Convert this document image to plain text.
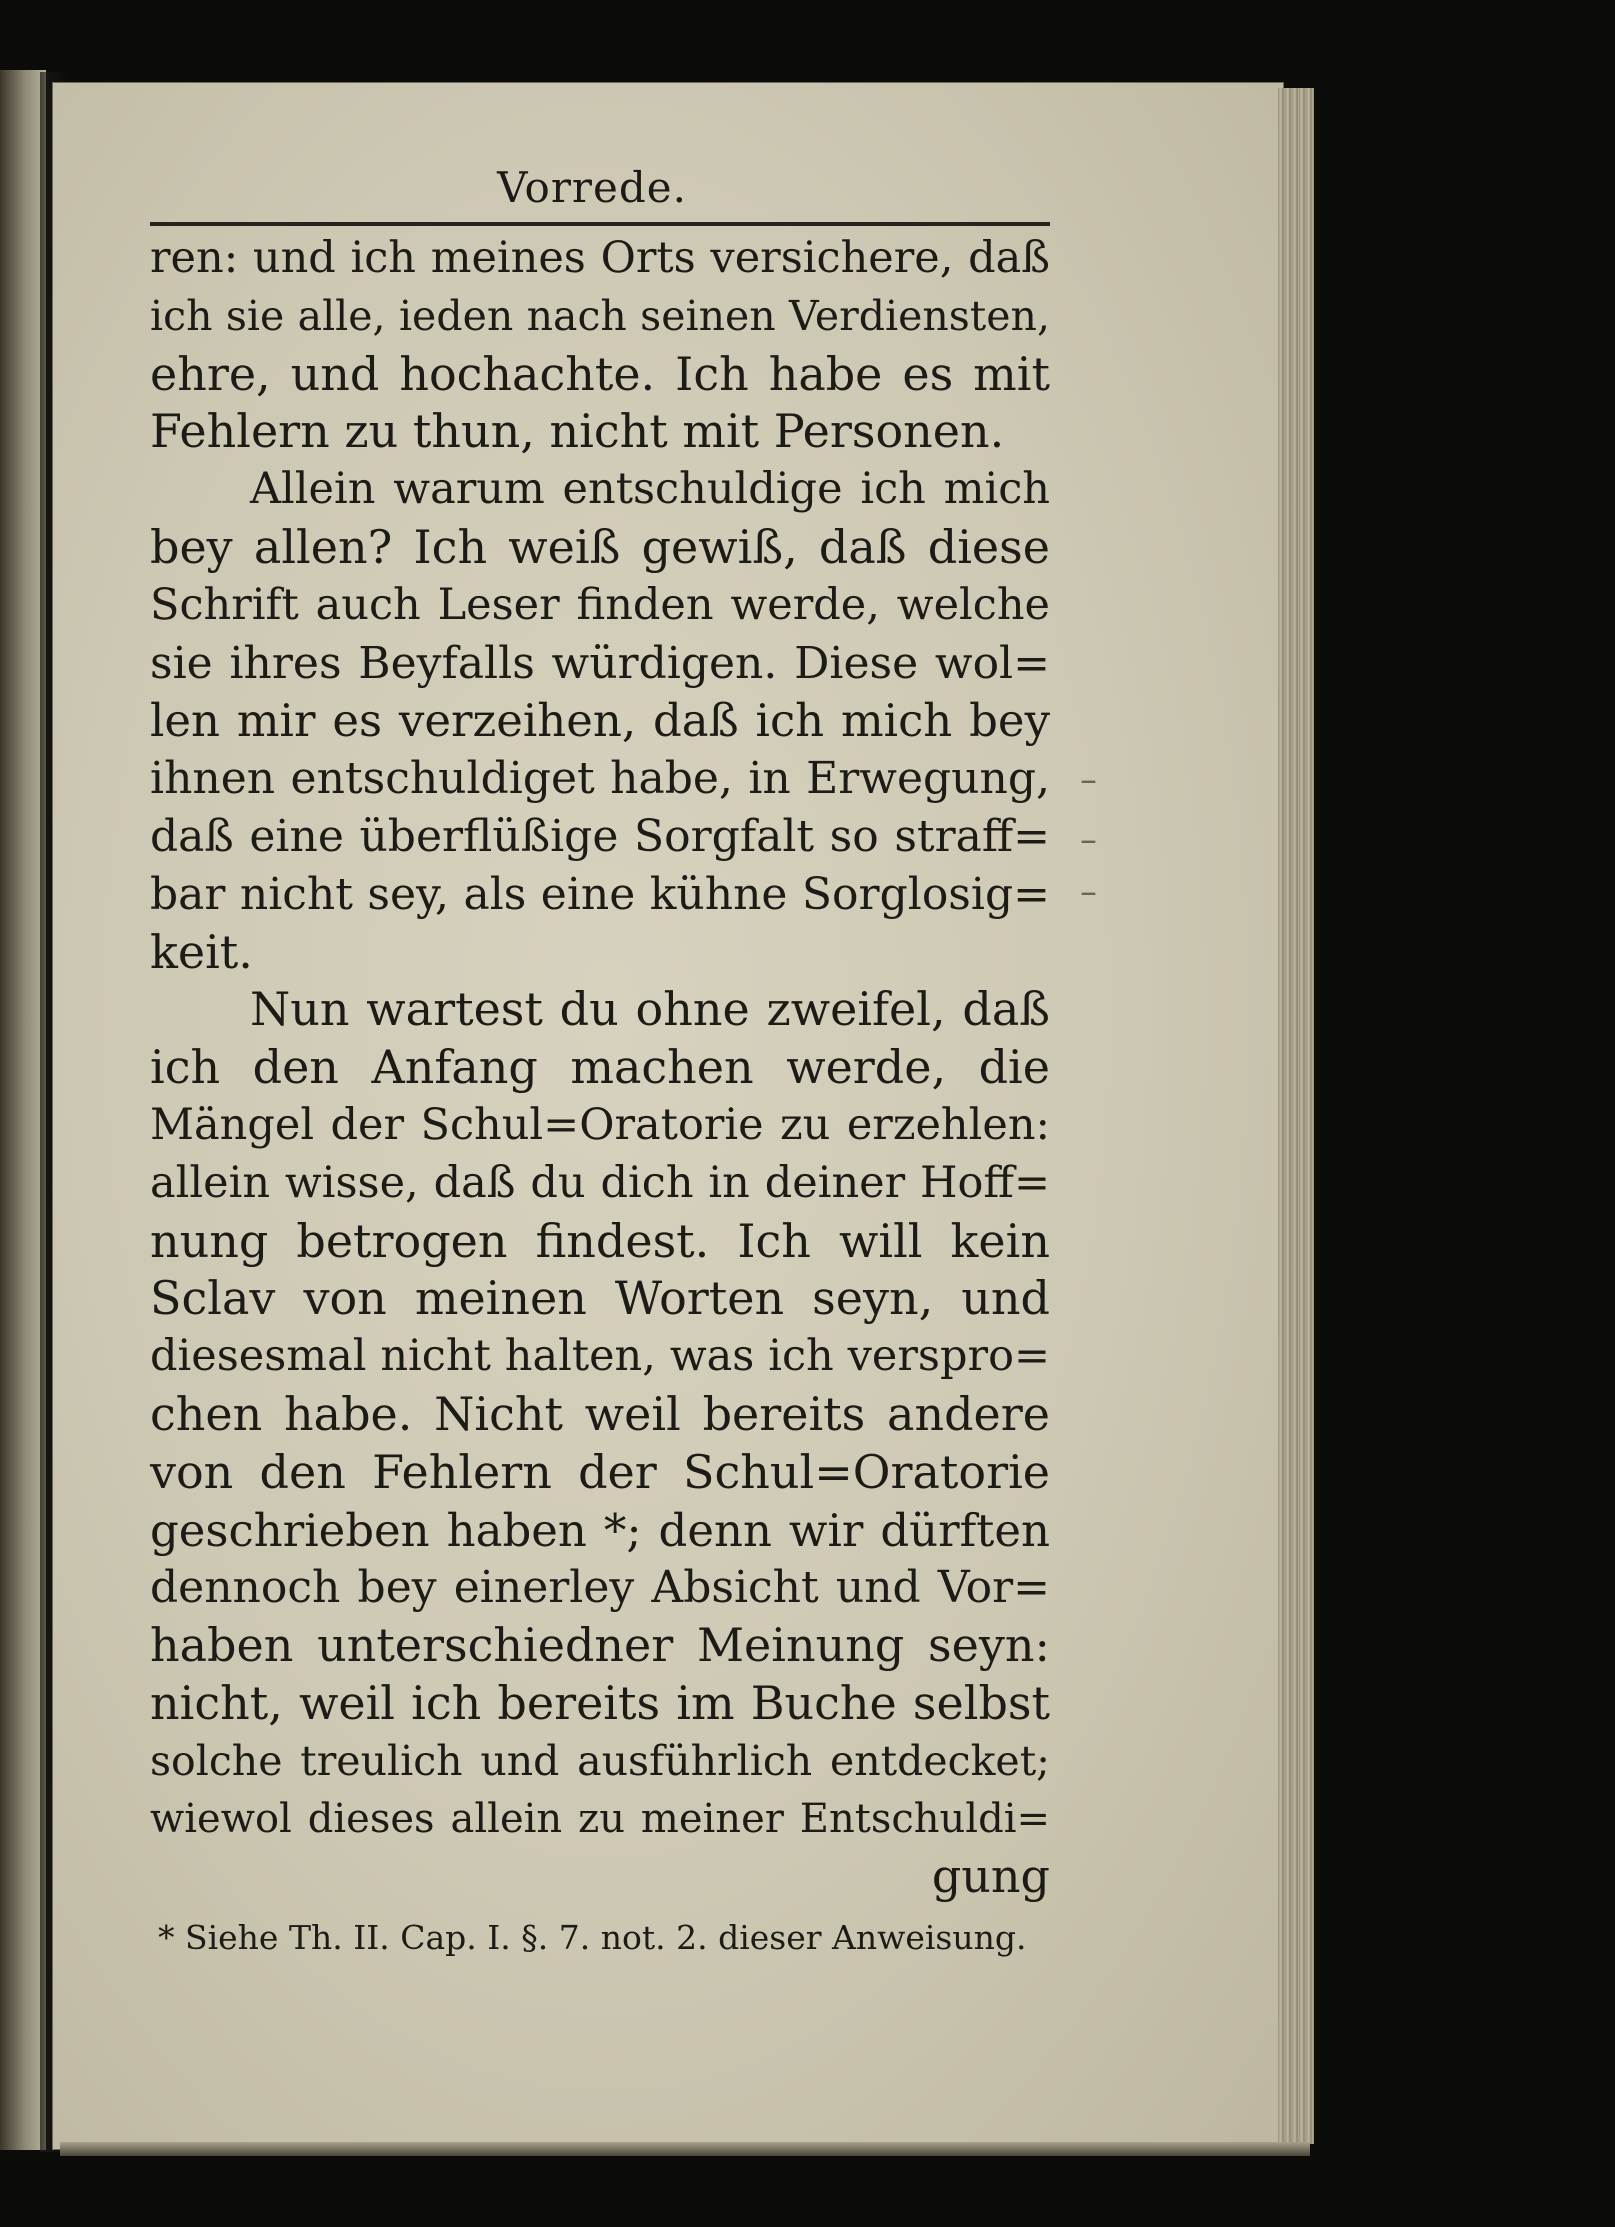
–
–
–
Vorrede.
ren: und ich meines Orts versichere, daß
ich sie alle, ieden nach seinen Verdiensten,
ehre, und hochachte. Ich habe es mit
Fehlern zu thun, nicht mit Personen.
Allein warum entschuldige ich mich
bey allen? Ich weiß gewiß, daß diese
Schrift auch Leser finden werde, welche
sie ihres Beyfalls würdigen. Diese wol=
len mir es verzeihen, daß ich mich bey
ihnen entschuldiget habe, in Erwegung,
daß eine überflüßige Sorgfalt so straff=
bar nicht sey, als eine kühne Sorglosig=
keit.
Nun wartest du ohne zweifel, daß
ich den Anfang machen werde, die
Mängel der Schul=Oratorie zu erzehlen:
allein wisse, daß du dich in deiner Hoff=
nung betrogen findest. Ich will kein
Sclav von meinen Worten seyn, und
diesesmal nicht halten, was ich verspro=
chen habe. Nicht weil bereits andere
von den Fehlern der Schul=Oratorie
geschrieben haben *; denn wir dürften
dennoch bey einerley Absicht und Vor=
haben unterschiedner Meinung seyn:
nicht, weil ich bereits im Buche selbst
solche treulich und ausführlich entdecket;
wiewol dieses allein zu meiner Entschuldi=
gung
* Siehe Th. II. Cap. I. §. 7. not. 2. dieser Anweisung.
